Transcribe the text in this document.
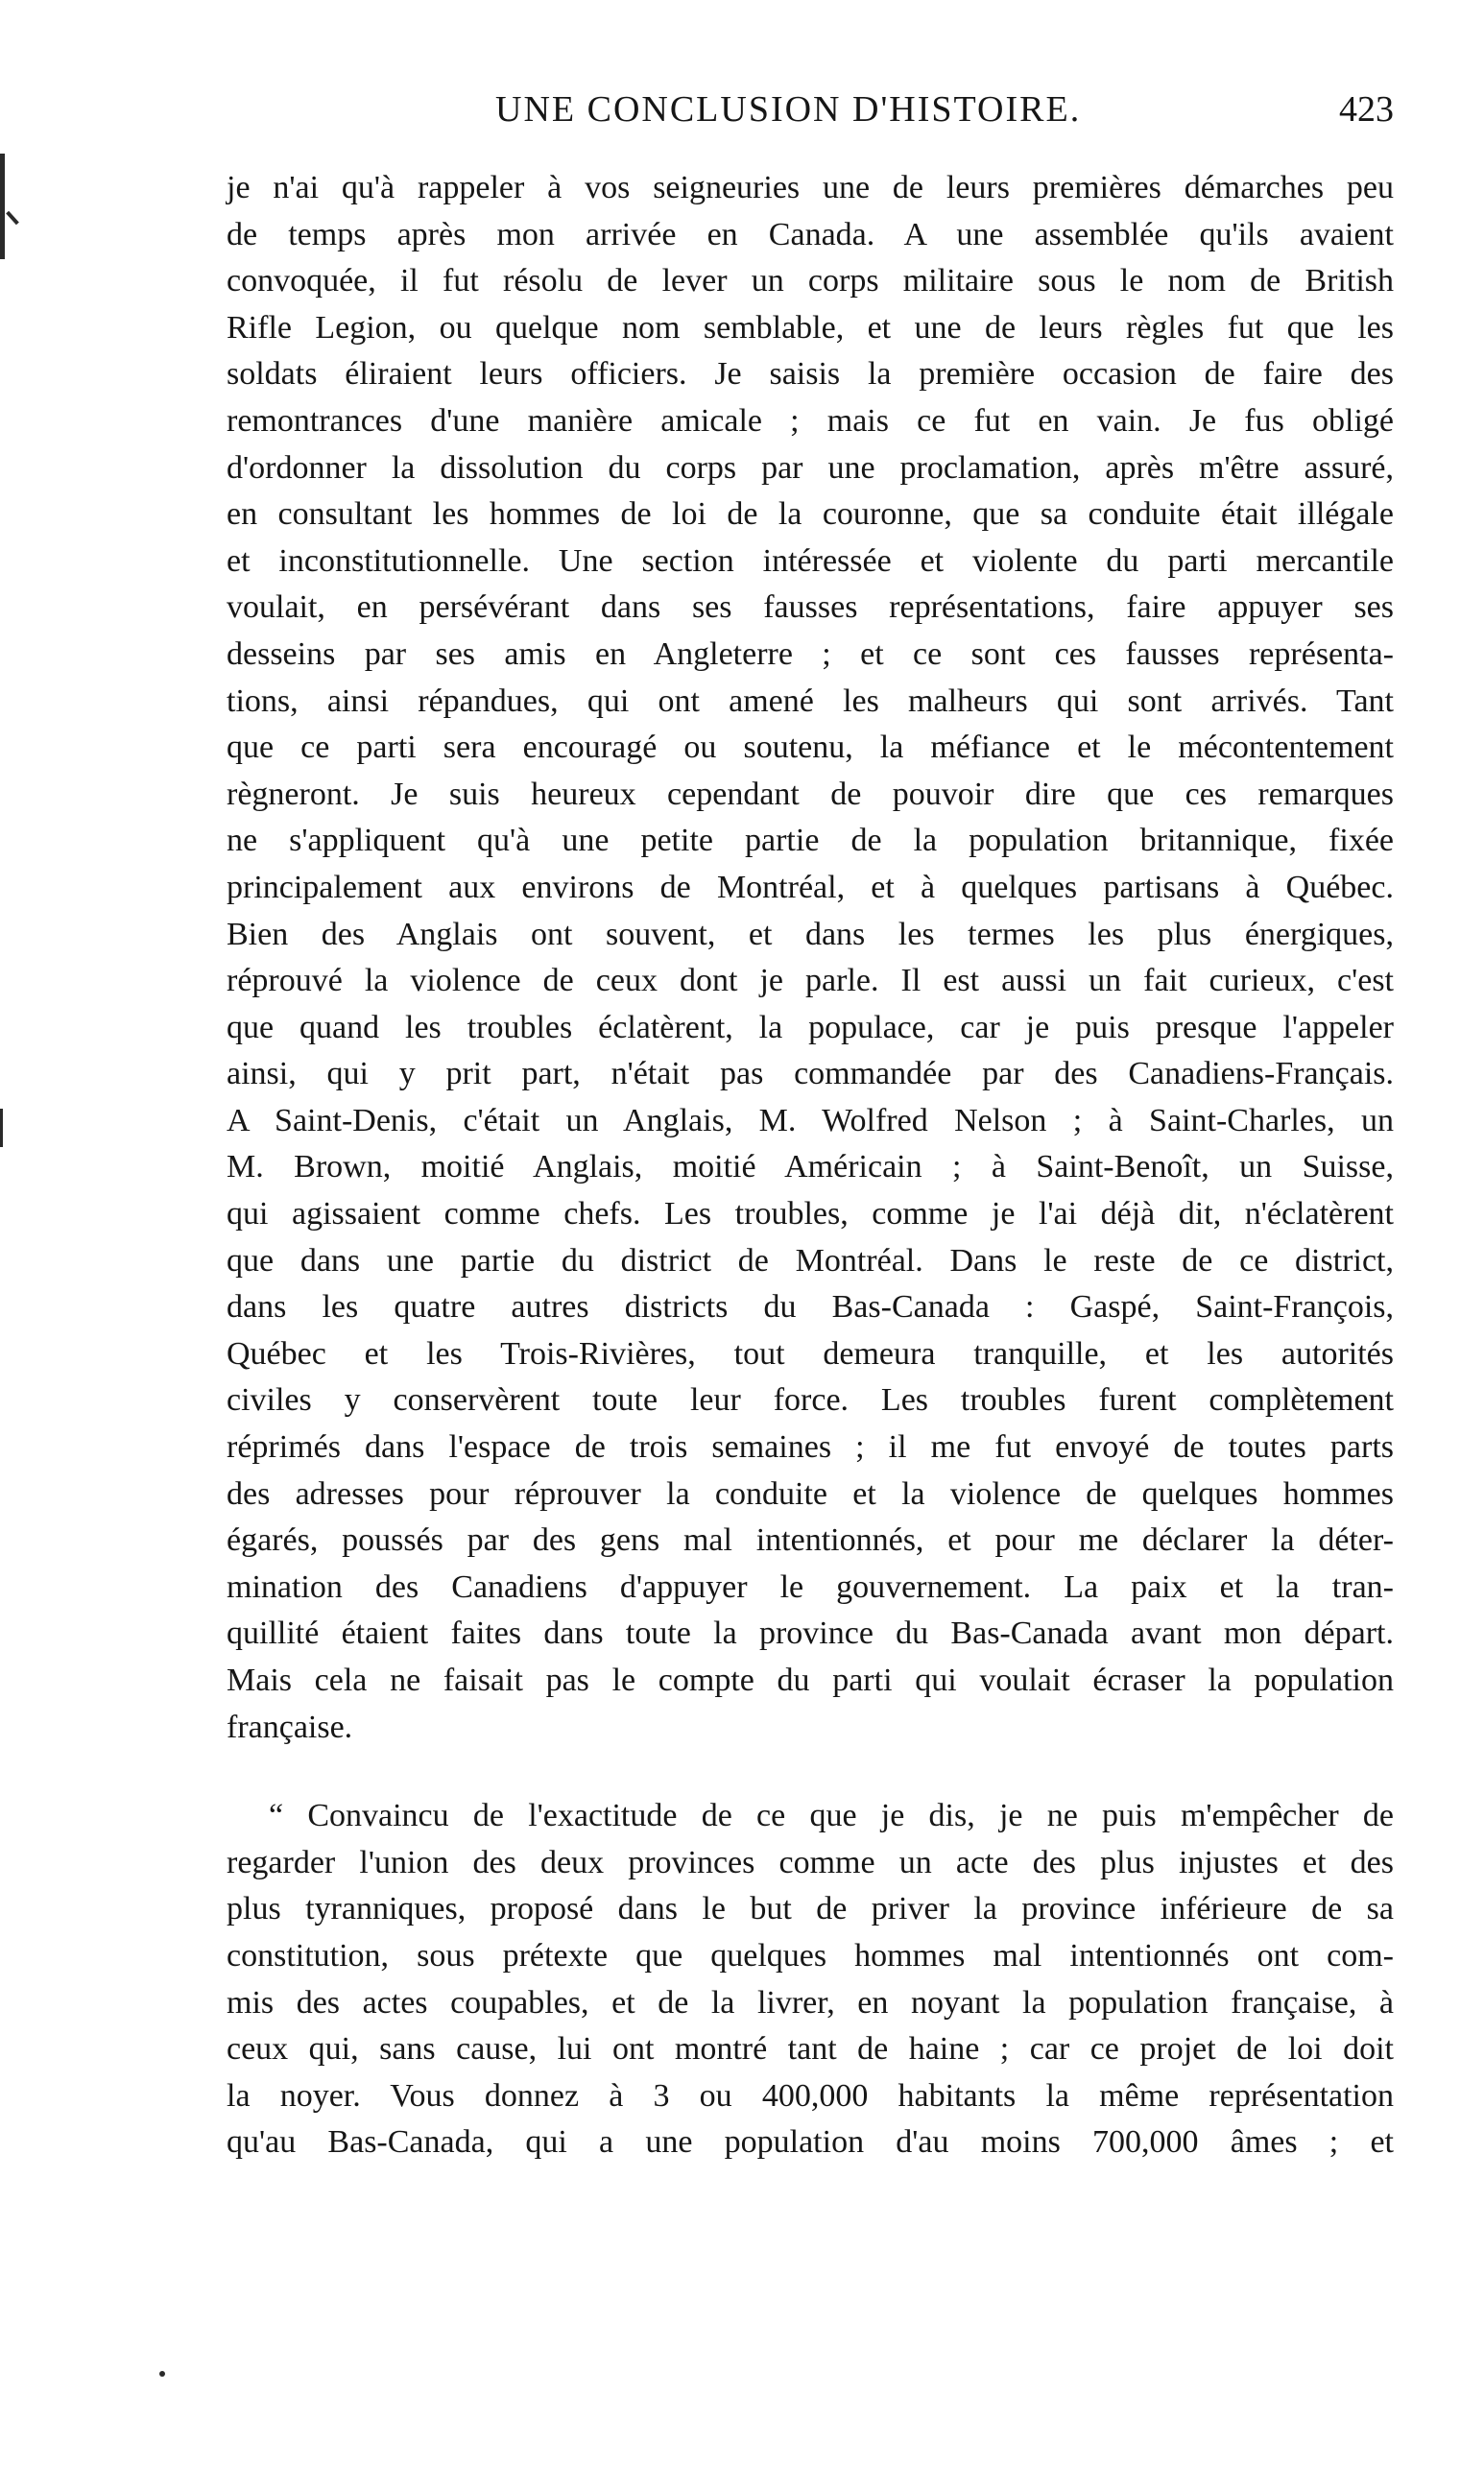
UNE CONCLUSION D'HISTOIRE.	423
je n'ai qu'à rappeler à vos seigneuries une de leurs premières démarches peu
de temps après mon arrivée en Canada. A une assemblée qu'ils avaient
convoquée, il fut résolu de lever un corps militaire sous le nom de British
Rifle Legion, ou quelque nom semblable, et une de leurs règles fut que les
soldats éliraient leurs officiers. Je saisis la première occasion de faire des
remontrances d'une manière amicale ; mais ce fut en vain. Je fus obligé
d'ordonner la dissolution du corps par une proclamation, après m'être assuré,
en consultant les hommes de loi de la couronne, que sa conduite était illégale
et inconstitutionnelle. Une section intéressée et violente du parti mercantile
voulait, en persévérant dans ses fausses représentations, faire appuyer ses
desseins par ses amis en Angleterre ; et ce sont ces fausses représenta-
tions, ainsi répandues, qui ont amené les malheurs qui sont arrivés. Tant
que ce parti sera encouragé ou soutenu, la méfiance et le mécontentement
règneront. Je suis heureux cependant de pouvoir dire que ces remarques
ne s'appliquent qu'à une petite partie de la population britannique, fixée
principalement aux environs de Montréal, et à quelques partisans à Québec.
Bien des Anglais ont souvent, et dans les termes les plus énergiques,
réprouvé la violence de ceux dont je parle. Il est aussi un fait curieux, c'est
que quand les troubles éclatèrent, la populace, car je puis presque l'appeler
ainsi, qui y prit part, n'était pas commandée par des Canadiens-Français.
A Saint-Denis, c'était un Anglais, M. Wolfred Nelson ; à Saint-Charles, un
M. Brown, moitié Anglais, moitié Américain ; à Saint-Benoît, un Suisse,
qui agissaient comme chefs. Les troubles, comme je l'ai déjà dit, n'éclatèrent
que dans une partie du district de Montréal. Dans le reste de ce district,
dans les quatre autres districts du Bas-Canada : Gaspé, Saint-François,
Québec et les Trois-Rivières, tout demeura tranquille, et les autorités
civiles y conservèrent toute leur force. Les troubles furent complètement
réprimés dans l'espace de trois semaines ; il me fut envoyé de toutes parts
des adresses pour réprouver la conduite et la violence de quelques hommes
égarés, poussés par des gens mal intentionnés, et pour me déclarer la déter-
mination des Canadiens d'appuyer le gouvernement. La paix et la tran-
quillité étaient faites dans toute la province du Bas-Canada avant mon départ.
Mais cela ne faisait pas le compte du parti qui voulait écraser la population
française.
“ Convaincu de l'exactitude de ce que je dis, je ne puis m'empêcher de
regarder l'union des deux provinces comme un acte des plus injustes et des
plus tyranniques, proposé dans le but de priver la province inférieure de sa
constitution, sous prétexte que quelques hommes mal intentionnés ont com-
mis des actes coupables, et de la livrer, en noyant la population française, à
ceux qui, sans cause, lui ont montré tant de haine ; car ce projet de loi doit
la noyer. Vous donnez à 3 ou 400,000 habitants la même représentation
qu'au Bas-Canada, qui a une population d'au moins 700,000 âmes ; et
